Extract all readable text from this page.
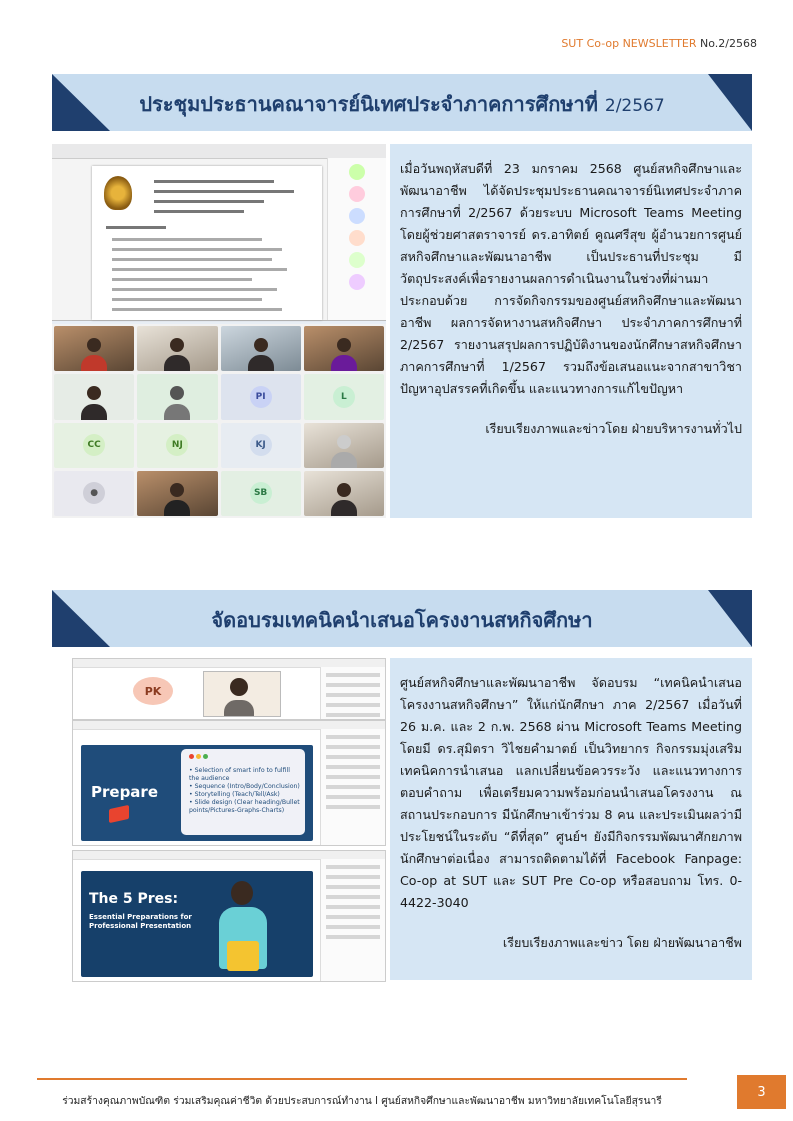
SUT Co-op NEWSLETTER No.2/2568
ประชุมประธานคณาจารย์นิเทศประจำภาคการศึกษาที่ 2/2567
PI	L
CC	NJ	KJ
●	SB

เมื่อวันพฤหัสบดีที่ 23 มกราคม 2568 ศูนย์สหกิจศึกษาและพัฒนาอาชีพ ได้จัดประชุมประธานคณาจารย์นิเทศประจำภาคการศึกษาที่ 2/2567 ด้วยระบบ Microsoft Teams Meeting โดยผู้ช่วยศาสตราจารย์ ดร.อาทิตย์ คูณศรีสุข ผู้อำนวยการศูนย์สหกิจศึกษาและพัฒนาอาชีพ เป็นประธานที่ประชุม มีวัตถุประสงค์เพื่อรายงานผลการดำเนินงานในช่วงที่ผ่านมา ประกอบด้วย การจัดกิจกรรมของศูนย์สหกิจศึกษาและพัฒนาอาชีพ ผลการจัดหางานสหกิจศึกษา ประจำภาคการศึกษาที่ 2/2567 รายงานสรุปผลการปฏิบัติงานของนักศึกษาสหกิจศึกษาภาคการศึกษาที่ 1/2567 รวมถึงข้อเสนอแนะจากสาขาวิชา ปัญหาอุปสรรคที่เกิดขึ้น และแนวทางการแก้ไขปัญหา

เรียบเรียงภาพและข่าวโดย ฝ่ายบริหารงานทั่วไป

จัดอบรมเทคนิคนำเสนอโครงงานสหกิจศึกษา
PK
Prepare

• Selection of smart info to fulfill the audience
• Sequence (Intro/Body/Conclusion)
• Storytelling (Teach/Tell/Ask)
• Slide design (Clear heading/Bullet points/Pictures-Graphs-Charts)
The 5 Pres:
Essential Preparations for Professional Presentation

ศูนย์สหกิจศึกษาและพัฒนาอาชีพ จัดอบรม “เทคนิคนำเสนอโครงงานสหกิจศึกษา” ให้แก่นักศึกษา ภาค 2/2567 เมื่อวันที่ 26 ม.ค. และ 2 ก.พ. 2568 ผ่าน Microsoft Teams Meeting โดยมี ดร.สุมิตรา วิไชยคำมาตย์ เป็นวิทยากร กิจกรรมมุ่งเสริมเทคนิคการนำเสนอ แลกเปลี่ยนข้อควรระวัง และแนวทางการตอบคำถาม เพื่อเตรียมความพร้อมก่อนนำเสนอโครงงาน ณ สถานประกอบการ มีนักศึกษาเข้าร่วม 8 คน และประเมินผลว่ามีประโยชน์ในระดับ “ดีที่สุด” ศูนย์ฯ ยังมีกิจกรรมพัฒนาศักยภาพนักศึกษาต่อเนื่อง สามารถติดตามได้ที่ Facebook Fanpage: Co-op at SUT และ SUT Pre Co-op หรือสอบถาม โทร. 0-4422-3040

เรียบเรียงภาพและข่าว โดย ฝ่ายพัฒนาอาชีพ

ร่วมสร้างคุณภาพบัณฑิต ร่วมเสริมคุณค่าชีวิต ด้วยประสบการณ์ทำงาน l ศูนย์สหกิจศึกษาและพัฒนาอาชีพ มหาวิทยาลัยเทคโนโลยีสุรนารี
3
